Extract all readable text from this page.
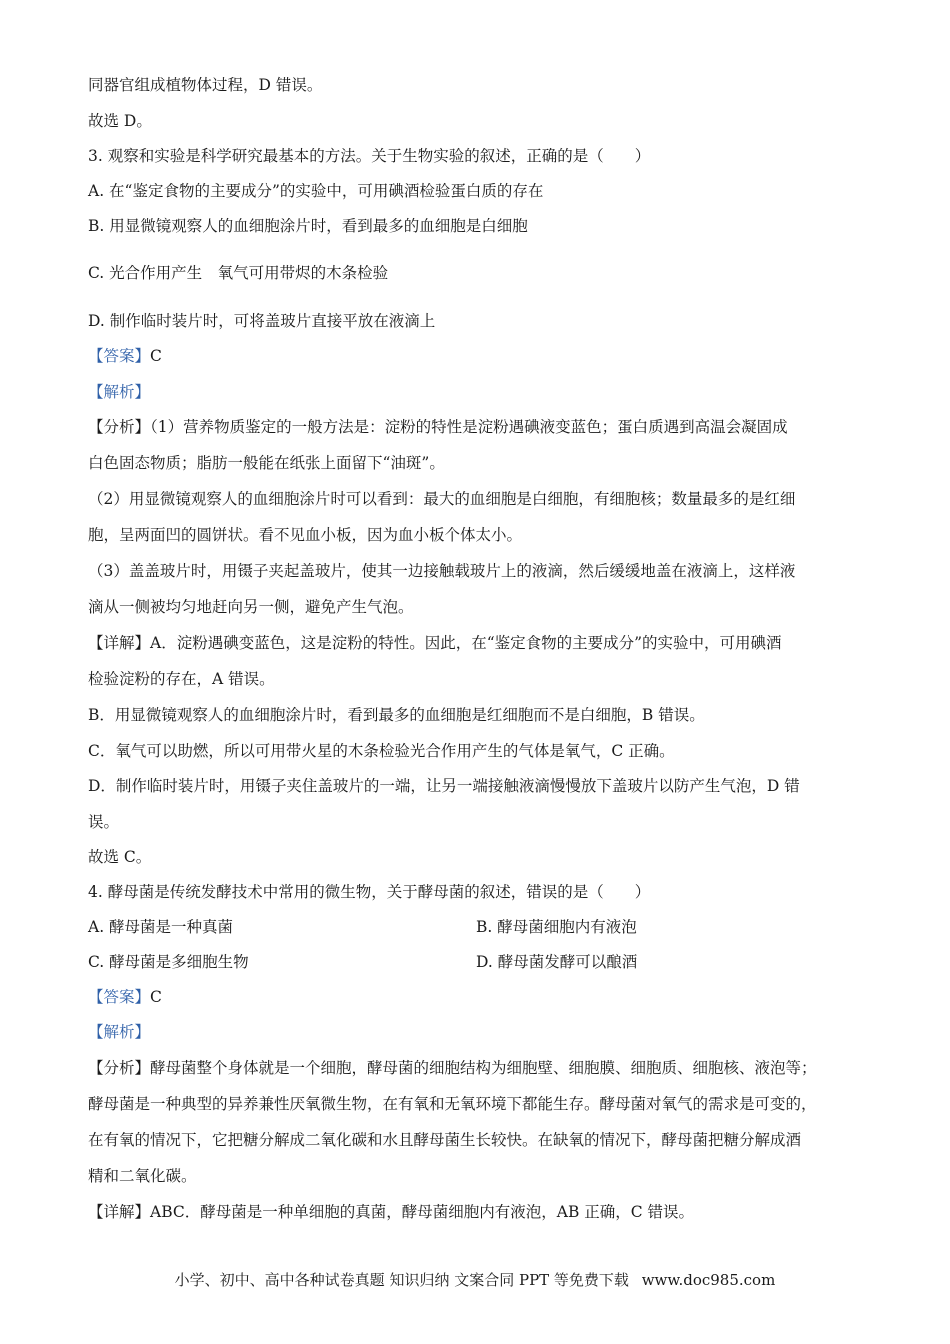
同器官组成植物体过程，D 错误。
故选 D。
3. 观察和实验是科学研究最基本的方法。关于生物实验的叙述，正确的是（　　）
A. 在“鉴定食物的主要成分”的实验中，可用碘酒检验蛋白质的存在
B. 用显微镜观察人的血细胞涂片时，看到最多的血细胞是白细胞
C. 光合作用产生　氧气可用带烬的木条检验
D. 制作临时装片时，可将盖玻片直接平放在液滴上
【答案】C
【解析】
【分析】（1）营养物质鉴定的一般方法是：淀粉的特性是淀粉遇碘液变蓝色；蛋白质遇到高温会凝固成
白色固态物质；脂肪一般能在纸张上面留下“油斑”。
（2）用显微镜观察人的血细胞涂片时可以看到：最大的血细胞是白细胞，有细胞核；数量最多的是红细
胞，呈两面凹的圆饼状。看不见血小板，因为血小板个体太小。
（3）盖盖玻片时，用镊子夹起盖玻片，使其一边接触载玻片上的液滴，然后缓缓地盖在液滴上，这样液
滴从一侧被均匀地赶向另一侧，避免产生气泡。
【详解】A．淀粉遇碘变蓝色，这是淀粉的特性。因此，在“鉴定食物的主要成分”的实验中，可用碘酒
检验淀粉的存在，A 错误。
B．用显微镜观察人的血细胞涂片时，看到最多的血细胞是红细胞而不是白细胞，B 错误。
C．氧气可以助燃，所以可用带火星的木条检验光合作用产生的气体是氧气，C 正确。
D．制作临时装片时，用镊子夹住盖玻片的一端，让另一端接触液滴慢慢放下盖玻片以防产生气泡，D 错
误。
故选 C。
4. 酵母菌是传统发酵技术中常用的微生物，关于酵母菌的叙述，错误的是（　　）
A. 酵母菌是一种真菌	B. 酵母菌细胞内有液泡
C. 酵母菌是多细胞生物	D. 酵母菌发酵可以酿酒
【答案】C
【解析】
【分析】酵母菌整个身体就是一个细胞，酵母菌的细胞结构为细胞壁、细胞膜、细胞质、细胞核、液泡等；
酵母菌是一种典型的异养兼性厌氧微生物，在有氧和无氧环境下都能生存。酵母菌对氧气的需求是可变的，
在有氧的情况下，它把糖分解成二氧化碳和水且酵母菌生长较快。在缺氧的情况下，酵母菌把糖分解成酒
精和二氧化碳。
【详解】ABC．酵母菌是一种单细胞的真菌，酵母菌细胞内有液泡，AB 正确，C 错误。
小学、初中、高中各种试卷真题 知识归纳 文案合同 PPT 等免费下载 www.doc985.com
